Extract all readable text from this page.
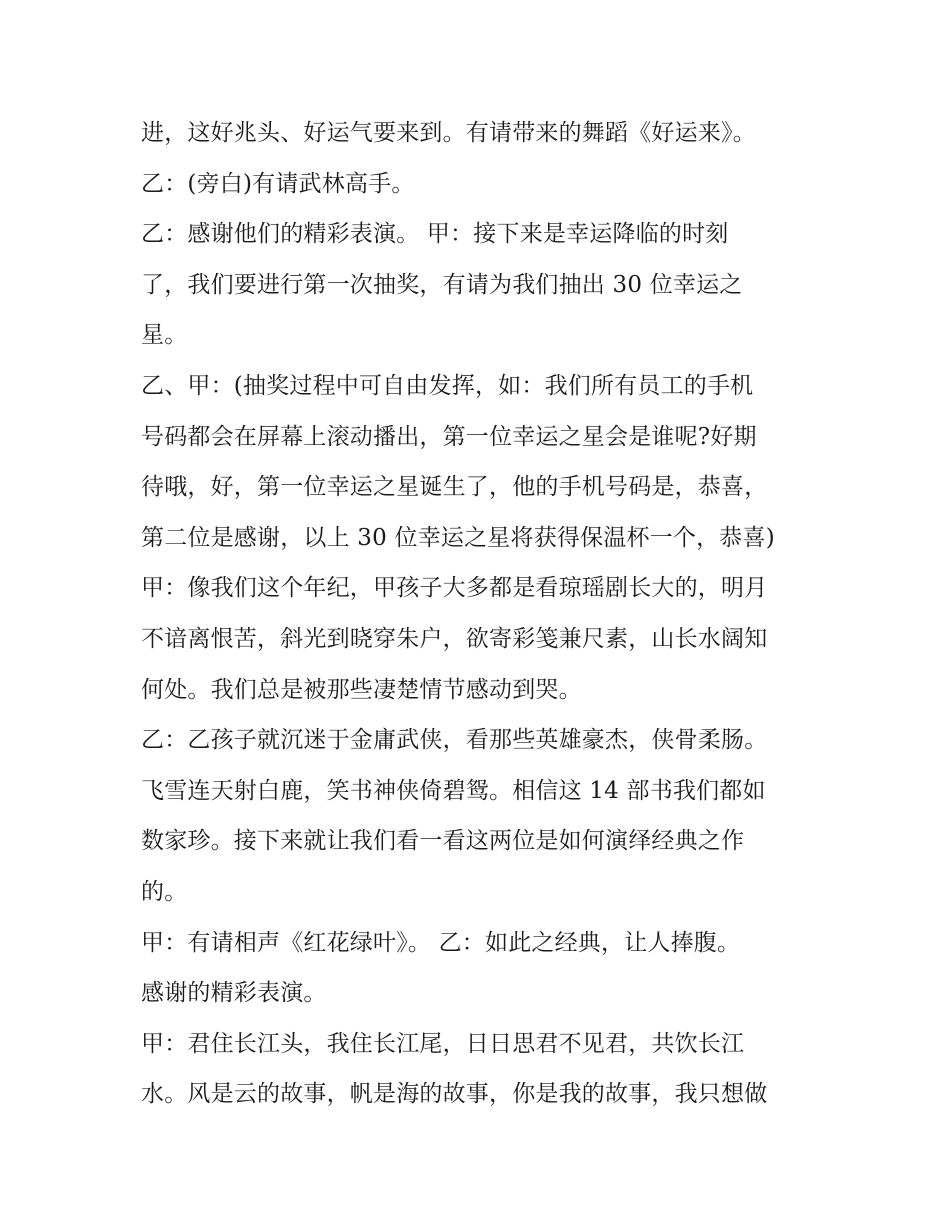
进，这好兆头、好运气要来到。有请带来的舞蹈《好运来》。
乙：(旁白)有请武林高手。
乙：感谢他们的精彩表演。 甲：接下来是幸运降临的时刻
了，我们要进行第一次抽奖，有请为我们抽出 30 位幸运之
星。
乙、甲：(抽奖过程中可自由发挥，如：我们所有员工的手机
号码都会在屏幕上滚动播出，第一位幸运之星会是谁呢?好期
待哦，好，第一位幸运之星诞生了，他的手机号码是，恭喜，
第二位是感谢，以上 30 位幸运之星将获得保温杯一个，恭喜)
甲：像我们这个年纪，甲孩子大多都是看琼瑶剧长大的，明月
不谙离恨苦，斜光到晓穿朱户，欲寄彩笺兼尺素，山长水阔知
何处。我们总是被那些凄楚情节感动到哭。
乙：乙孩子就沉迷于金庸武侠，看那些英雄豪杰，侠骨柔肠。
飞雪连天射白鹿，笑书神侠倚碧鸳。相信这 14 部书我们都如
数家珍。接下来就让我们看一看这两位是如何演绎经典之作
的。
甲：有请相声《红花绿叶》。 乙：如此之经典，让人捧腹。
感谢的精彩表演。
甲：君住长江头，我住长江尾，日日思君不见君，共饮长江
水。风是云的故事，帆是海的故事，你是我的故事，我只想做
